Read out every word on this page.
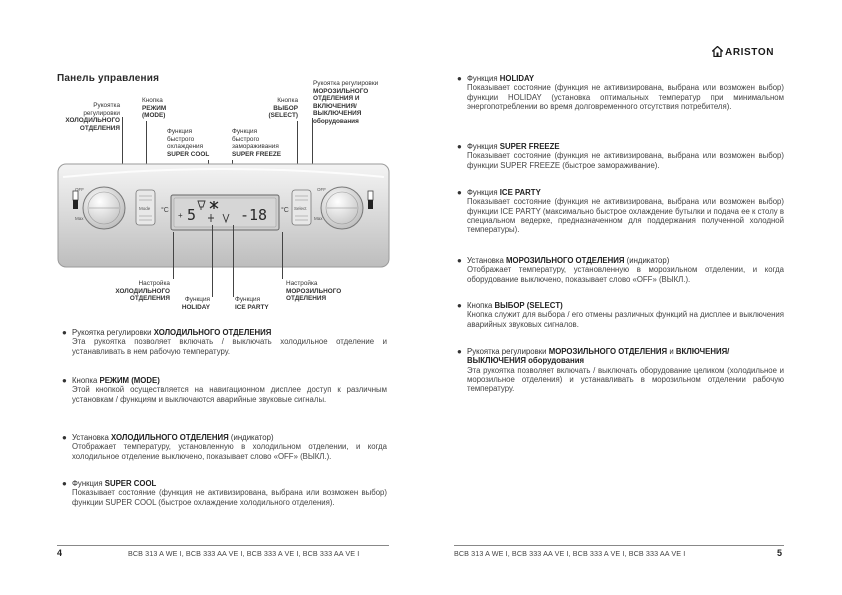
ARISTON
Панель управления
Рукоятка
регулировки
ХОЛОДИЛЬНОГО
ОТДЕЛЕНИЯ
Кнопка
РЕЖИМ
(MODE)
Функция
быстрого
охлаждения
SUPER COOL
Функция
быстрого
замораживания
SUPER FREEZE
Кнопка
ВЫБОР
(SELECT)
Рукоятка регулировки
МОРОЗИЛЬНОГО
ОТДЕЛЕНИЯ И
ВКЛЮЧЕНИЯ/
ВЫКЛЮЧЕНИЯ
оборудования
OFF
Max
Mode °C
+ 5	-18 °C Select
OFF
Max
Настройка
ХОЛОДИЛЬНОГО
ОТДЕЛЕНИЯ	Функция
HOLIDAY
Функция
ICE PARTY
Настройка
МОРОЗИЛЬНОГО
ОТДЕЛЕНИЯ
● Рукоятка регулировки ХОЛОДИЛЬНОГО ОТДЕЛЕНИЯ
Эта рукоятка позволяет включать / выключать холодильное отделение и устанавливать в нем рабочую температуру.
● Кнопка РЕЖИМ (MODE)
Этой кнопкой осуществляется на навигационном дисплее доступ к различным установкам / функциям и выключаются аварийные звуковые сигналы.
● Установка ХОЛОДИЛЬНОГО ОТДЕЛЕНИЯ (индикатор)
Отображает температуру, установленную в холодильном отделении, и когда холодильное отделение выключено, показывает слово «OFF» (ВЫКЛ.).
● Функция SUPER COOL
Показывает состояние (функция не активизирована, выбрана или возможен выбор) функции SUPER COOL (быстрое охлаждение холодильного отделения).
● Функция HOLIDAY
Показывает состояние (функция не активизирована, выбрана или возможен выбор) функции HOLIDAY (установка оптимальных температур при минимальном энергопотреблении во время долговременного отсутствия потребителя).
● Функция SUPER FREEZE
Показывает состояние (функция не активизирована, выбрана или возможен выбор) функции SUPER FREEZE (быстрое замораживание).
● Функция ICE PARTY
Показывает состояние (функция не активизирована, выбрана или возможен выбор) функции ICE PARTY (максимально быстрое охлаждение бутылки и подача ее к столу в специальном ведерке, предназначенном для поддержания полученной холодной температуры).
● Установка МОРОЗИЛЬНОГО ОТДЕЛЕНИЯ (индикатор)
Отображает температуру, установленную в морозильном отделении, и когда оборудование выключено, показывает слово «OFF» (ВЫКЛ.).
● Кнопка ВЫБОР (SELECT)
Кнопка служит для выбора / его отмены различных функций на дисплее и выключения аварийных звуковых сигналов.
● Рукоятка регулировки МОРОЗИЛЬНОГО ОТДЕЛЕНИЯ и ВКЛЮЧЕНИЯ/ ВЫКЛЮЧЕНИЯ оборудования
Эта рукоятка позволяет включать / выключать оборудование целиком (холодильное и морозильное отделения) и устанавливать в морозильном отделении рабочую температуру.
4	BCB 313 A WE I, BCB 333 AA VE I, BCB 333 A VE I, BCB 333 AA VE I	BCB 313 A WE I, BCB 333 AA VE I, BCB 333 A VE I, BCB 333 AA VE I	5
